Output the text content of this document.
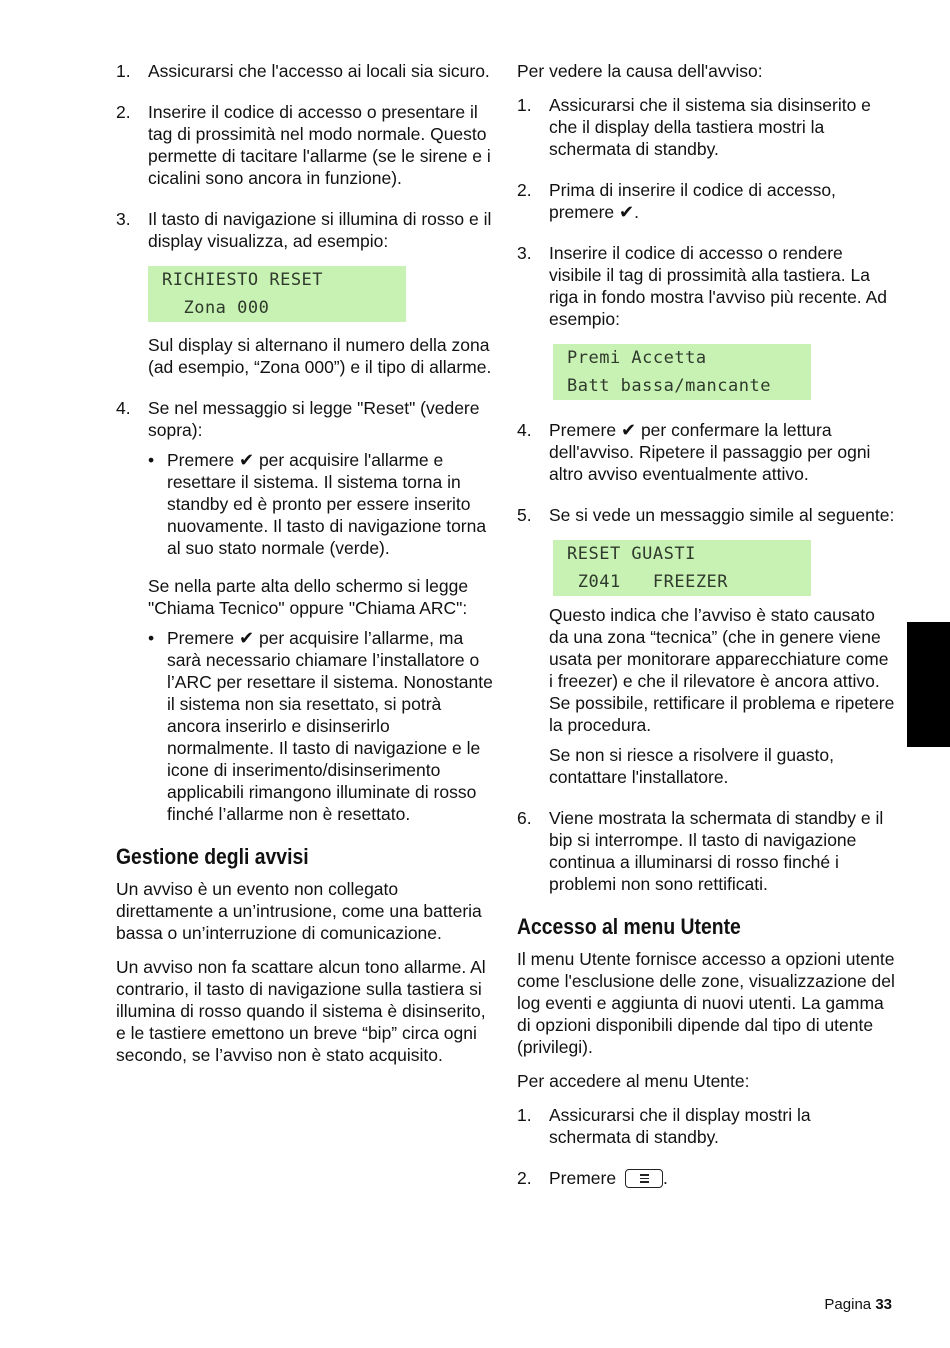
1. Assicurarsi che l'accesso ai locali sia sicuro.

2. Inserire il codice di accesso o presentare il tag di prossimità nel modo normale. Questo permette di tacitare l'allarme (se le sirene e i cicalini sono ancora in funzione).

3. Il tasto di navigazione si illumina di rosso e il display visualizza, ad esempio:

RICHIESTO RESET
Zona 000

Sul display si alternano il numero della zona (ad esempio, “Zona 000”) e il tipo di allarme.

4. Se nel messaggio si legge "Reset" (vedere sopra):

• Premere ✔ per acquisire l'allarme e resettare il sistema. Il sistema torna in standby ed è pronto per essere inserito nuovamente. Il tasto di navigazione torna al suo stato normale (verde).

Se nella parte alta dello schermo si legge "Chiama Tecnico" oppure "Chiama ARC":

• Premere ✔ per acquisire l’allarme, ma sarà necessario chiamare l’installatore o l’ARC per resettare il sistema. Nonostante il sistema non sia resettato, si potrà ancora inserirlo e disinserirlo normalmente. Il tasto di navigazione e le icone di inserimento/disinserimento applicabili rimangono illuminate di rosso finché l’allarme non è resettato.
Gestione degli avvisi

Un avviso è un evento non collegato direttamente a un’intrusione, come una batteria bassa o un’interruzione di comunicazione.

Un avviso non fa scattare alcun tono allarme. Al contrario, il tasto di navigazione sulla tastiera si illumina di rosso quando il sistema è disinserito, e le tastiere emettono un breve “bip” circa ogni secondo, se l’avviso non è stato acquisito.

Per vedere la causa dell'avviso:

1. Assicurarsi che il sistema sia disinserito e che il display della tastiera mostri la schermata di standby.

2. Prima di inserire il codice di accesso, premere ✔.

3. Inserire il codice di accesso o rendere visibile il tag di prossimità alla tastiera. La riga in fondo mostra l'avviso più recente. Ad esempio:

Premi Accetta
Batt bassa/mancante
4. Premere ✔ per confermare la lettura dell'avviso. Ripetere il passaggio per ogni altro avviso eventualmente attivo.

5. Se si vede un messaggio simile al seguente:

RESET GUASTI
Z041   FREEZER

Questo indica che l’avviso è stato causato da una zona “tecnica” (che in genere viene usata per monitorare apparecchiature come i freezer) e che il rilevatore è ancora attivo. Se possibile, rettificare il problema e ripetere la procedura.

Se non si riesce a risolvere il guasto, contattare l'installatore.

6. Viene mostrata la schermata di standby e il bip si interrompe. Il tasto di navigazione continua a illuminarsi di rosso finché i problemi non sono rettificati.

Accesso al menu Utente

Il menu Utente fornisce accesso a opzioni utente come l'esclusione delle zone, visualizzazione del log eventi e aggiunta di nuovi utenti. La gamma di opzioni disponibili dipende dal tipo di utente (privilegi).

Per accedere al menu Utente:

1. Assicurarsi che il display mostri la schermata di standby.

2. Premere	.

Pagina 33
